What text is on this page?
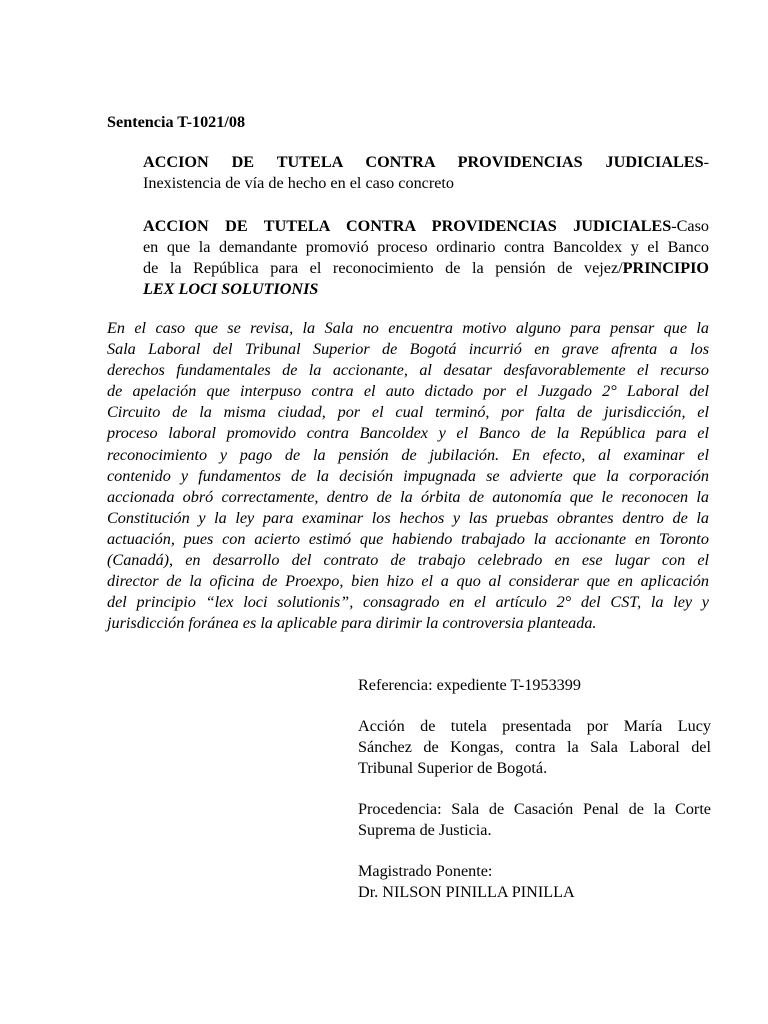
Sentencia T-1021/08
ACCION DE TUTELA CONTRA PROVIDENCIAS JUDICIALES-
Inexistencia de vía de hecho en el caso concreto
ACCION DE TUTELA CONTRA PROVIDENCIAS JUDICIALES-Caso
en que la demandante promovió proceso ordinario contra Bancoldex y el Banco
de la República para el reconocimiento de la pensión de vejez/PRINCIPIO
LEX LOCI SOLUTIONIS
En el caso que se revisa, la Sala no encuentra motivo alguno para pensar que la
Sala Laboral del Tribunal Superior de Bogotá incurrió en grave afrenta a los
derechos fundamentales de la accionante, al desatar desfavorablemente el recurso
de apelación que interpuso contra el auto dictado por el Juzgado 2° Laboral del
Circuito de la misma ciudad, por el cual terminó, por falta de jurisdicción, el
proceso laboral promovido contra Bancoldex y el Banco de la República para el
reconocimiento y pago de la pensión de jubilación. En efecto, al examinar el
contenido y fundamentos de la decisión impugnada se advierte que la corporación
accionada obró correctamente, dentro de la órbita de autonomía que le reconocen la
Constitución y la ley para examinar los hechos y las pruebas obrantes dentro de la
actuación, pues con acierto estimó que habiendo trabajado la accionante en Toronto
(Canadá), en desarrollo del contrato de trabajo celebrado en ese lugar con el
director de la oficina de Proexpo, bien hizo el a quo al considerar que en aplicación
del principio “lex loci solutionis”, consagrado en el artículo 2° del CST, la ley y
jurisdicción foránea es la aplicable para dirimir la controversia planteada.
Referencia: expediente T-1953399
Acción de tutela presentada por María Lucy
Sánchez de Kongas, contra la Sala Laboral del
Tribunal Superior de Bogotá.
Procedencia: Sala de Casación Penal de la Corte
Suprema de Justicia.
Magistrado Ponente:
Dr. NILSON PINILLA PINILLA
